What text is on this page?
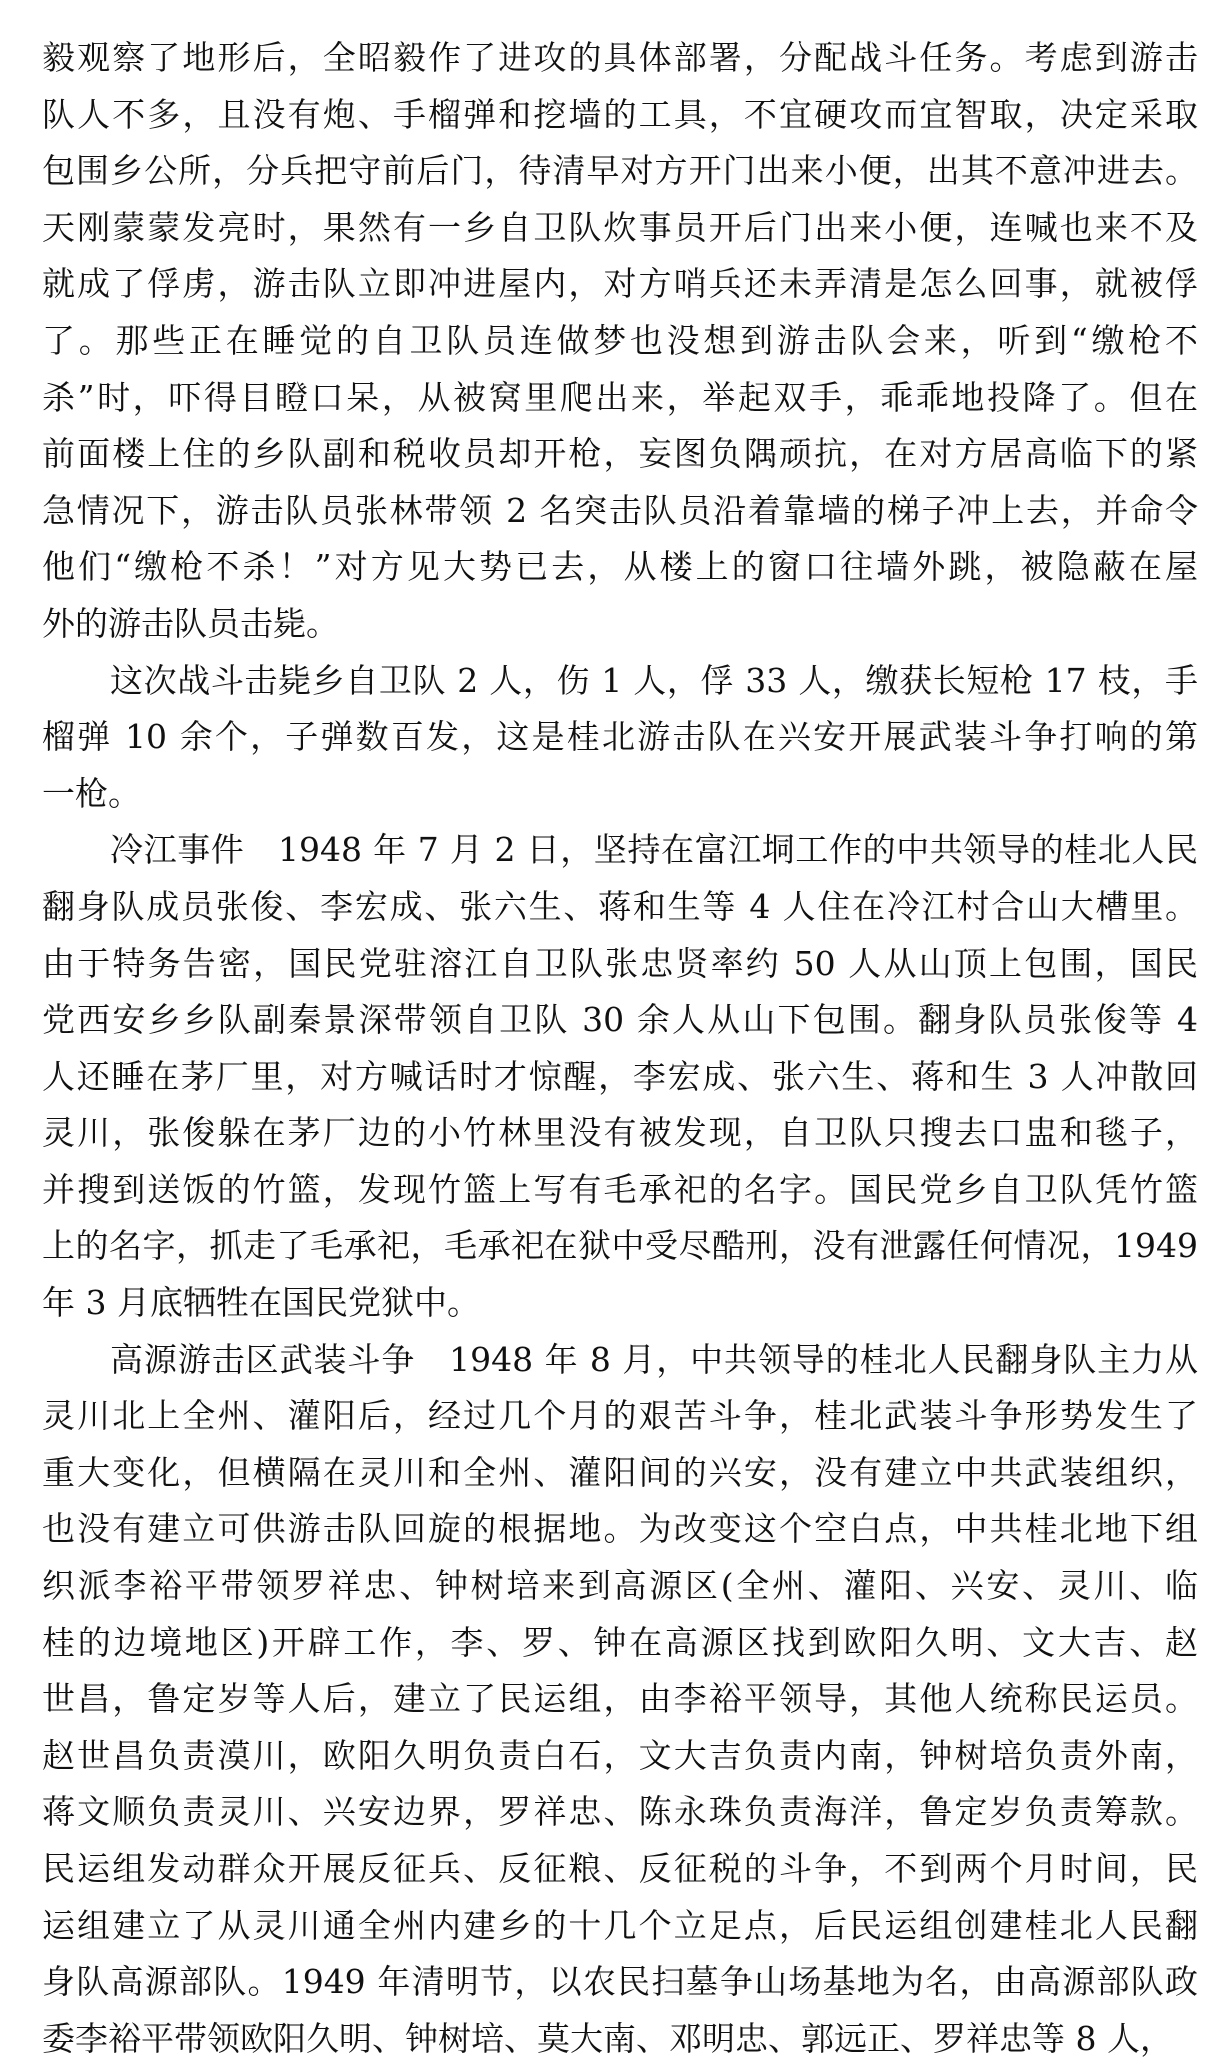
毅观察了地形后，全昭毅作了进攻的具体部署，分配战斗任务。考虑到游击
队人不多，且没有炮、手榴弹和挖墙的工具，不宜硬攻而宜智取，决定采取
包围乡公所，分兵把守前后门，待清早对方开门出来小便，出其不意冲进去。
天刚蒙蒙发亮时，果然有一乡自卫队炊事员开后门出来小便，连喊也来不及
就成了俘虏，游击队立即冲进屋内，对方哨兵还未弄清是怎么回事，就被俘
了。那些正在睡觉的自卫队员连做梦也没想到游击队会来，听到“缴枪不
杀”时，吓得目瞪口呆，从被窝里爬出来，举起双手，乖乖地投降了。但在
前面楼上住的乡队副和税收员却开枪，妄图负隅顽抗，在对方居高临下的紧
急情况下，游击队员张林带领 2 名突击队员沿着靠墙的梯子冲上去，并命令
他们“缴枪不杀！”对方见大势已去，从楼上的窗口往墙外跳，被隐蔽在屋
外的游击队员击毙。
这次战斗击毙乡自卫队 2 人，伤 1 人，俘 33 人，缴获长短枪 17 枝，手
榴弹 10 余个，子弹数百发，这是桂北游击队在兴安开展武装斗争打响的第
一枪。
冷江事件　1948 年 7 月 2 日，坚持在富江垌工作的中共领导的桂北人民
翻身队成员张俊、李宏成、张六生、蒋和生等 4 人住在冷江村合山大槽里。
由于特务告密，国民党驻溶江自卫队张忠贤率约 50 人从山顶上包围，国民
党西安乡乡队副秦景深带领自卫队 30 余人从山下包围。翻身队员张俊等 4
人还睡在茅厂里，对方喊话时才惊醒，李宏成、张六生、蒋和生 3 人冲散回
灵川，张俊躲在茅厂边的小竹林里没有被发现，自卫队只搜去口盅和毯子，
并搜到送饭的竹篮，发现竹篮上写有毛承祀的名字。国民党乡自卫队凭竹篮
上的名字，抓走了毛承祀，毛承祀在狱中受尽酷刑，没有泄露任何情况，1949
年 3 月底牺牲在国民党狱中。
高源游击区武装斗争　1948 年 8 月，中共领导的桂北人民翻身队主力从
灵川北上全州、灌阳后，经过几个月的艰苦斗争，桂北武装斗争形势发生了
重大变化，但横隔在灵川和全州、灌阳间的兴安，没有建立中共武装组织，
也没有建立可供游击队回旋的根据地。为改变这个空白点，中共桂北地下组
织派李裕平带领罗祥忠、钟树培来到高源区(全州、灌阳、兴安、灵川、临
桂的边境地区)开辟工作，李、罗、钟在高源区找到欧阳久明、文大吉、赵
世昌，鲁定岁等人后，建立了民运组，由李裕平领导，其他人统称民运员。
赵世昌负责漠川，欧阳久明负责白石，文大吉负责内南，钟树培负责外南，
蒋文顺负责灵川、兴安边界，罗祥忠、陈永珠负责海洋，鲁定岁负责筹款。
民运组发动群众开展反征兵、反征粮、反征税的斗争，不到两个月时间，民
运组建立了从灵川通全州内建乡的十几个立足点，后民运组创建桂北人民翻
身队高源部队。1949 年清明节，以农民扫墓争山场基地为名，由高源部队政
委李裕平带领欧阳久明、钟树培、莫大南、邓明忠、郭远正、罗祥忠等 8 人，
